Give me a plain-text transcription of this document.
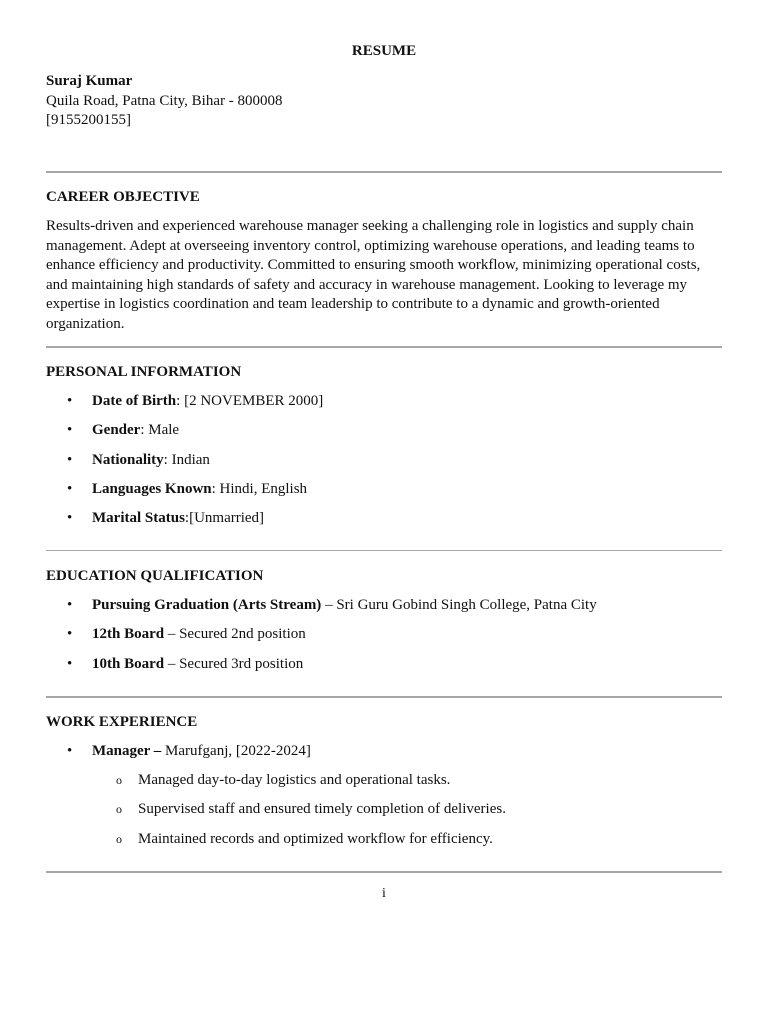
RESUME
Suraj Kumar
Quila Road, Patna City, Bihar - 800008
[9155200155]
CAREER OBJECTIVE
Results-driven and experienced warehouse manager seeking a challenging role in logistics and supply chain management. Adept at overseeing inventory control, optimizing warehouse operations, and leading teams to enhance efficiency and productivity. Committed to ensuring smooth workflow, minimizing operational costs, and maintaining high standards of safety and accuracy in warehouse management. Looking to leverage my expertise in logistics coordination and team leadership to contribute to a dynamic and growth-oriented organization.
PERSONAL INFORMATION
• Date of Birth: [2 NOVEMBER 2000]
• Gender: Male
• Nationality: Indian
• Languages Known: Hindi, English
• Marital Status:[Unmarried]
EDUCATION QUALIFICATION
• Pursuing Graduation (Arts Stream) – Sri Guru Gobind Singh College, Patna City
• 12th Board – Secured 2nd position
• 10th Board – Secured 3rd position
WORK EXPERIENCE
• Manager – Marufganj, [2022-2024]
o Managed day-to-day logistics and operational tasks.
o Supervised staff and ensured timely completion of deliveries.
o Maintained records and optimized workflow for efficiency.
i
